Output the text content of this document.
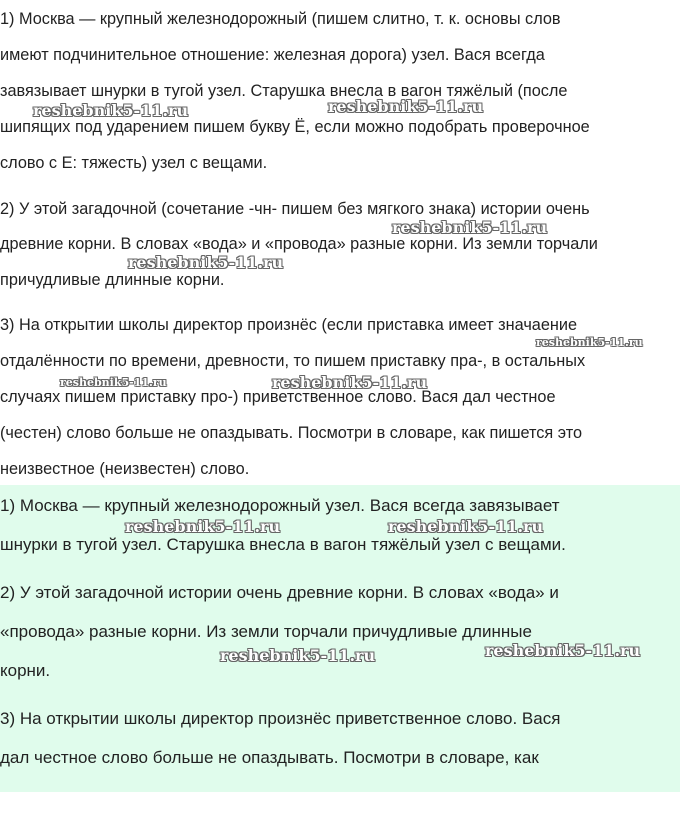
1) Москва — крупный железнодорожный (пишем слитно, т. к. основы слов
имеют подчинительное отношение: железная дорога) узел. Вася всегда
завязывает шнурки в тугой узел. Старушка внесла в вагон тяжёлый (после
шипящих под ударением пишем букву Ё, если можно подобрать проверочное
слово с Е: тяжесть) узел с вещами.
2) У этой загадочной (сочетание -чн- пишем без мягкого знака) истории очень
древние корни. В словах «вода» и «провода» разные корни. Из земли торчали
причудливые длинные корни.
3) На открытии школы директор произнёс (если приставка имеет значаение
отдалённости по времени, древности, то пишем приставку пра-, в остальных
случаях пишем приставку про-) приветственное слово. Вася дал честное
(честен) слово больше не опаздывать. Посмотри в словаре, как пишется это
неизвестное (неизвестен) слово.
1) Москва — крупный железнодорожный узел. Вася всегда завязывает
шнурки в тугой узел. Старушка внесла в вагон тяжёлый узел с вещами.
2) У этой загадочной истории очень древние корни. В словах «вода» и
«провода» разные корни. Из земли торчали причудливые длинные
корни.
3) На открытии школы директор произнёс приветственное слово. Вася
дал честное слово больше не опаздывать. Посмотри в словаре, как
reshebnik5-11.ru	reshebnik5-11.ru
reshebnik5-11.ru
reshebnik5-11.ru
reshebnik5-11.ru
reshebnik5-11.ru	reshebnik5-11.ru
reshebnik5-11.ru	reshebnik5-11.ru
reshebnik5-11.ru	reshebnik5-11.ru
